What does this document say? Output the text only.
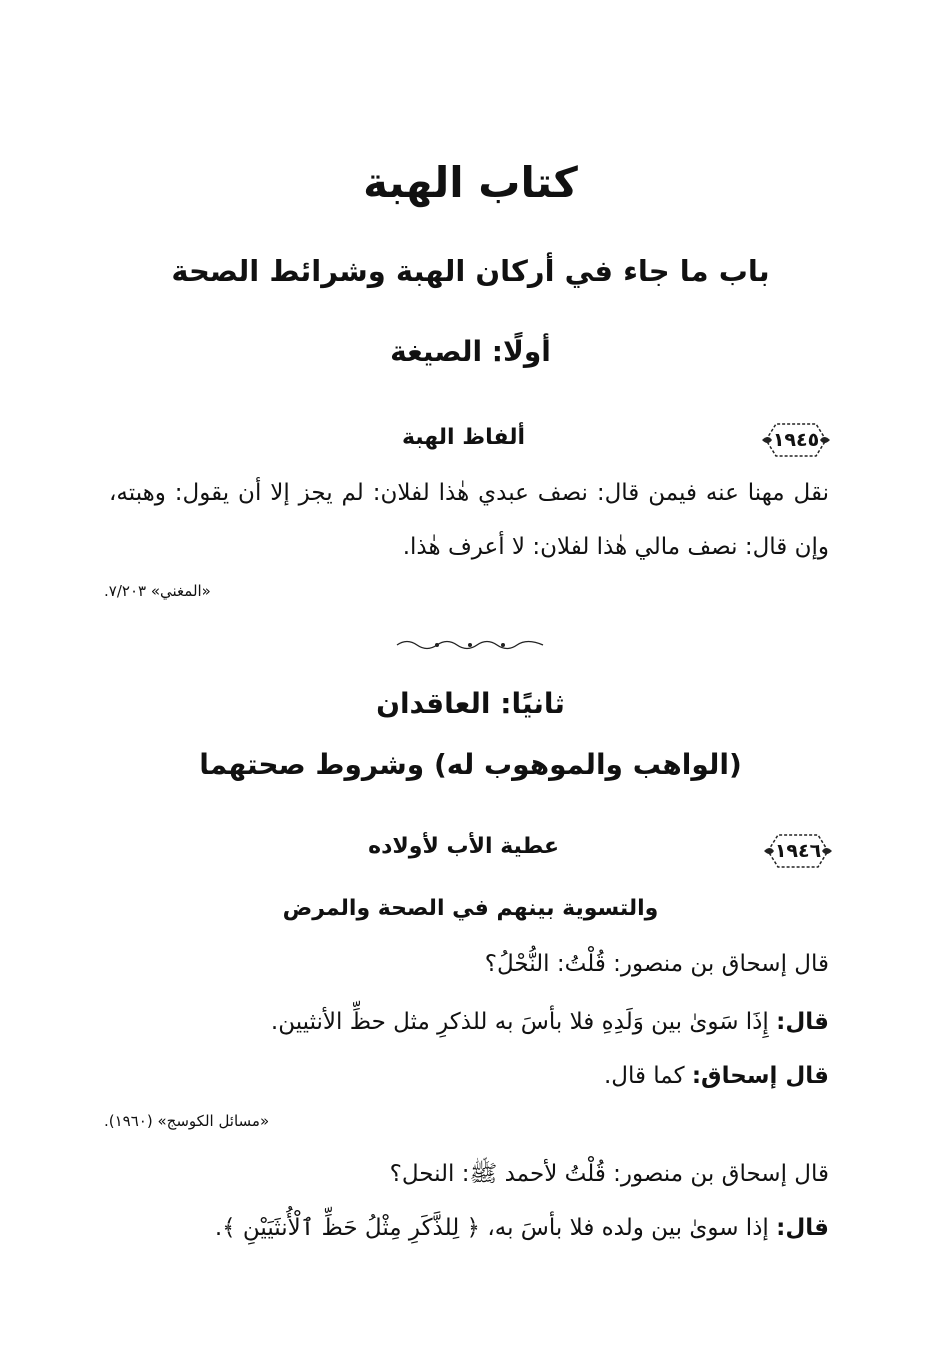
كتاب الهبة
باب ما جاء في أركان الهبة وشرائط الصحة
أولًا: الصيغة
١٩٤٥
ألفاظ الهبة
نقل مهنا عنه فيمن قال: نصف عبدي هٰذا لفلان: لم يجز إلا أن يقول: وهبته، وإن قال: نصف مالي هٰذا لفلان: لا أعرف هٰذا.
«المغني» ٧/٢٠٣.
ثانيًا: العاقدان
(الواهب والموهوب له) وشروط صحتهما
١٩٤٦
عطية الأب لأولاده
والتسوية بينهم في الصحة والمرض
قال إسحاق بن منصور: قُلْتُ: النُّحْلُ؟
قال: إِذَا سَوىٰ بين وَلَدِهِ فلا بأسَ به للذكرِ مثل حظِّ الأنثيين.
قال إسحاق: كما قال.
«مسائل الكوسج» (١٩٦٠).
قال إسحاق بن منصور: قُلْتُ لأحمد ﷺ: النحل؟
قال: إذا سوىٰ بين ولده فلا بأسَ به، ﴿ لِلذَّكَرِ مِثْلُ حَظِّ ٱلْأُنثَيَيْنِ ﴾.
